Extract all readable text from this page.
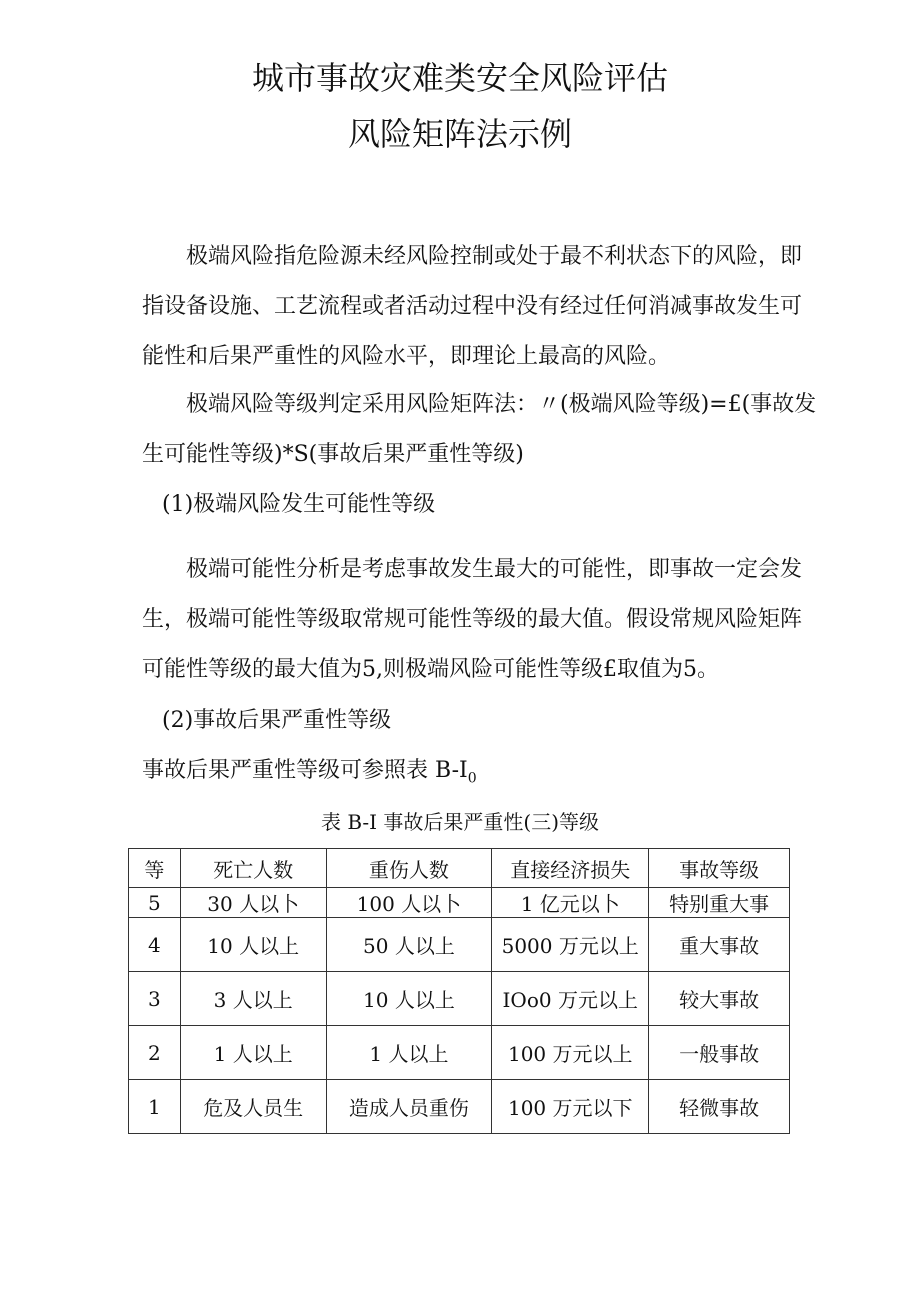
城市事故灾难类安全风险评估
风险矩阵法示例
极端风险指危险源未经风险控制或处于最不利状态下的风险，即指设备设施、工艺流程或者活动过程中没有经过任何消减事故发生可能性和后果严重性的风险水平，即理论上最高的风险。
极端风险等级判定采用风险矩阵法：〃(极端风险等级)=£(事故发生可能性等级)*S(事故后果严重性等级)
(1)极端风险发生可能性等级
极端可能性分析是考虑事故发生最大的可能性，即事故一定会发生，极端可能性等级取常规可能性等级的最大值。假设常规风险矩阵可能性等级的最大值为5,则极端风险可能性等级£取值为5。
(2)事故后果严重性等级
事故后果严重性等级可参照表 $B-I_0$
表 B-I 事故后果严重性(三)等级
等	死亡人数	重伤人数	直接经济损失	事故等级
5	30 人以卜	100 人以卜	1 亿元以卜	特别重大事
4	10 人以上	50 人以上	5000 万元以上	重大事故
3	3 人以上	10 人以上	IOo0 万元以上	较大事故
2	1 人以上	1 人以上	100 万元以上	一般事故
1	危及人员生	造成人员重伤	100 万元以下	轻微事故
